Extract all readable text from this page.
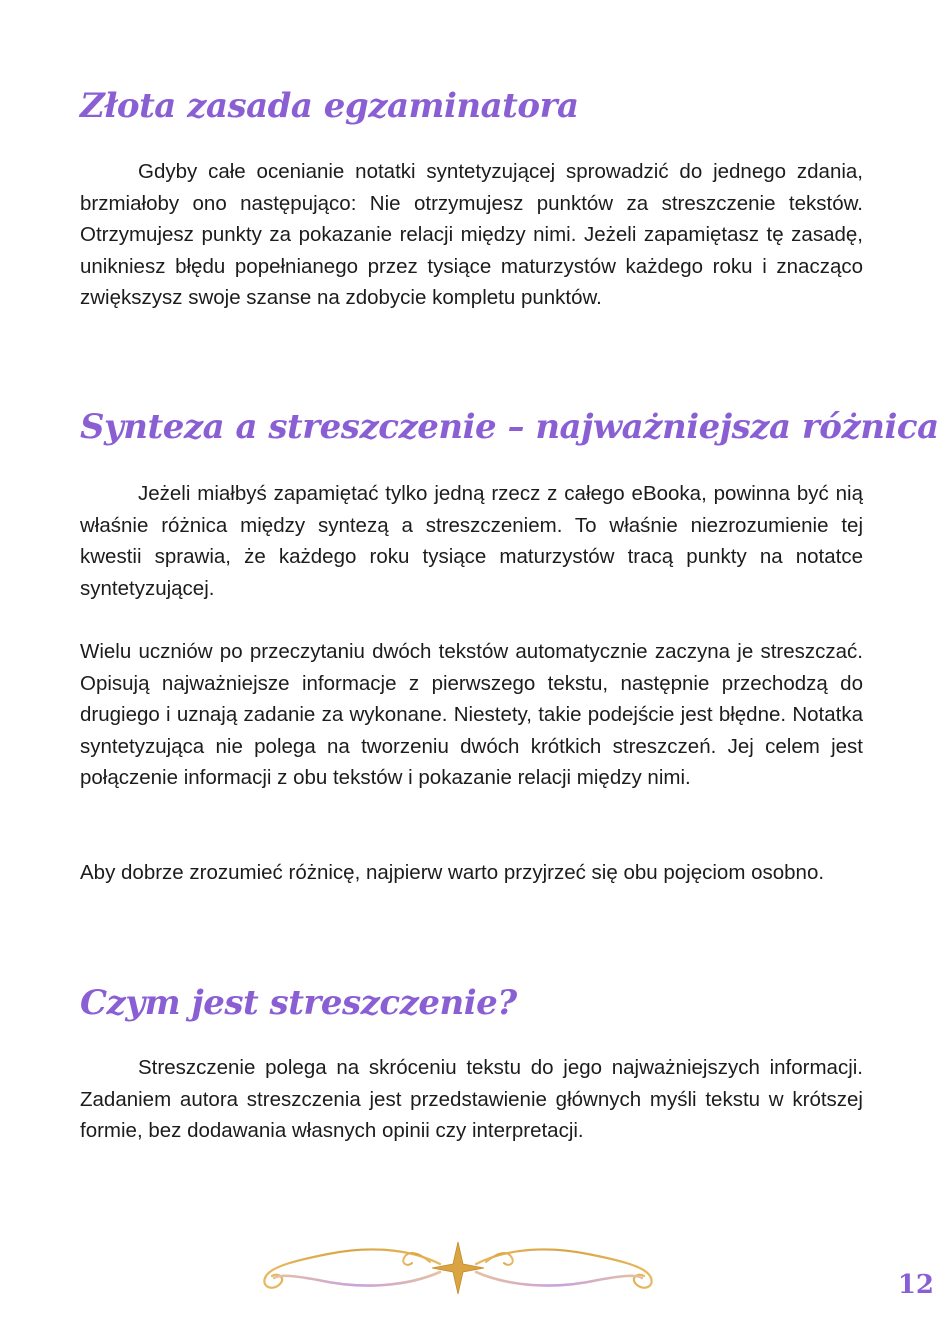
Złota zasada egzaminatora

Gdyby całe ocenianie notatki syntetyzującej sprowadzić do jednego zdania, brzmiałoby ono następująco: Nie otrzymujesz punktów za streszczenie tekstów. Otrzymujesz punkty za pokazanie relacji między nimi. Jeżeli zapamiętasz tę zasadę, unikniesz błędu popełnianego przez tysiące maturzystów każdego roku i znacząco zwiększysz swoje szanse na zdobycie kompletu punktów.

Synteza a streszczenie – najważniejsza różnica

Jeżeli miałbyś zapamiętać tylko jedną rzecz z całego eBooka, powinna być nią właśnie różnica między syntezą a streszczeniem. To właśnie niezrozumienie tej kwestii sprawia, że każdego roku tysiące maturzystów tracą punkty na notatce syntetyzującej.

Wielu uczniów po przeczytaniu dwóch tekstów automatycznie zaczyna je streszczać. Opisują najważniejsze informacje z pierwszego tekstu, następnie przechodzą do drugiego i uznają zadanie za wykonane. Niestety, takie podejście jest błędne. Notatka syntetyzująca nie polega na tworzeniu dwóch krótkich streszczeń. Jej celem jest połączenie informacji z obu tekstów i pokazanie relacji między nimi.

Aby dobrze zrozumieć różnicę, najpierw warto przyjrzeć się obu pojęciom osobno.

Czym jest streszczenie?

Streszczenie polega na skróceniu tekstu do jego najważniejszych informacji. Zadaniem autora streszczenia jest przedstawienie głównych myśli tekstu w krótszej formie, bez dodawania własnych opinii czy interpretacji.

12
